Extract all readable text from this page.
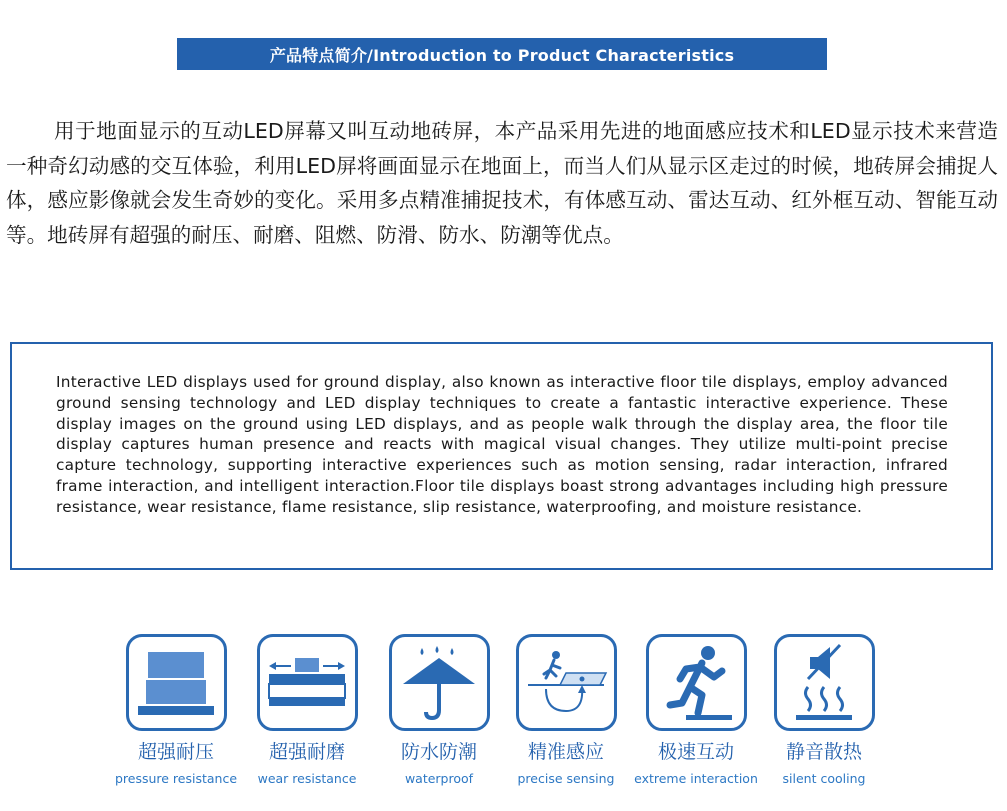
产品特点简介/Introduction to Product Characteristics

用于地面显示的互动LED屏幕又叫互动地砖屏，本产品采用先进的地面感应技术和LED显示技术来营造一种奇幻动感的交互体验，利用LED屏将画面显示在地面上，而当人们从显示区走过的时候，地砖屏会捕捉人体，感应影像就会发生奇妙的变化。采用多点精准捕捉技术，有体感互动、雷达互动、红外框互动、智能互动等。地砖屏有超强的耐压、耐磨、阻燃、防滑、防水、防潮等优点。

Interactive LED displays used for ground display, also known as interactive floor tile displays, employ advanced ground sensing technology and LED display techniques to create a fantastic interactive experience. These display images on the ground using LED displays, and as people walk through the display area, the floor tile display captures human presence and reacts with magical visual changes. They utilize multi-point precise capture technology, supporting interactive experiences such as motion sensing, radar interaction, infrared frame interaction, and intelligent interaction.Floor tile displays boast strong advantages including high pressure resistance, wear resistance, flame resistance, slip resistance, waterproofing, and moisture resistance.

超强耐压
pressure resistance
超强耐磨
wear resistance
防水防潮
waterproof
精准感应
precise sensing
极速互动
extreme interaction
静音散热
silent cooling
